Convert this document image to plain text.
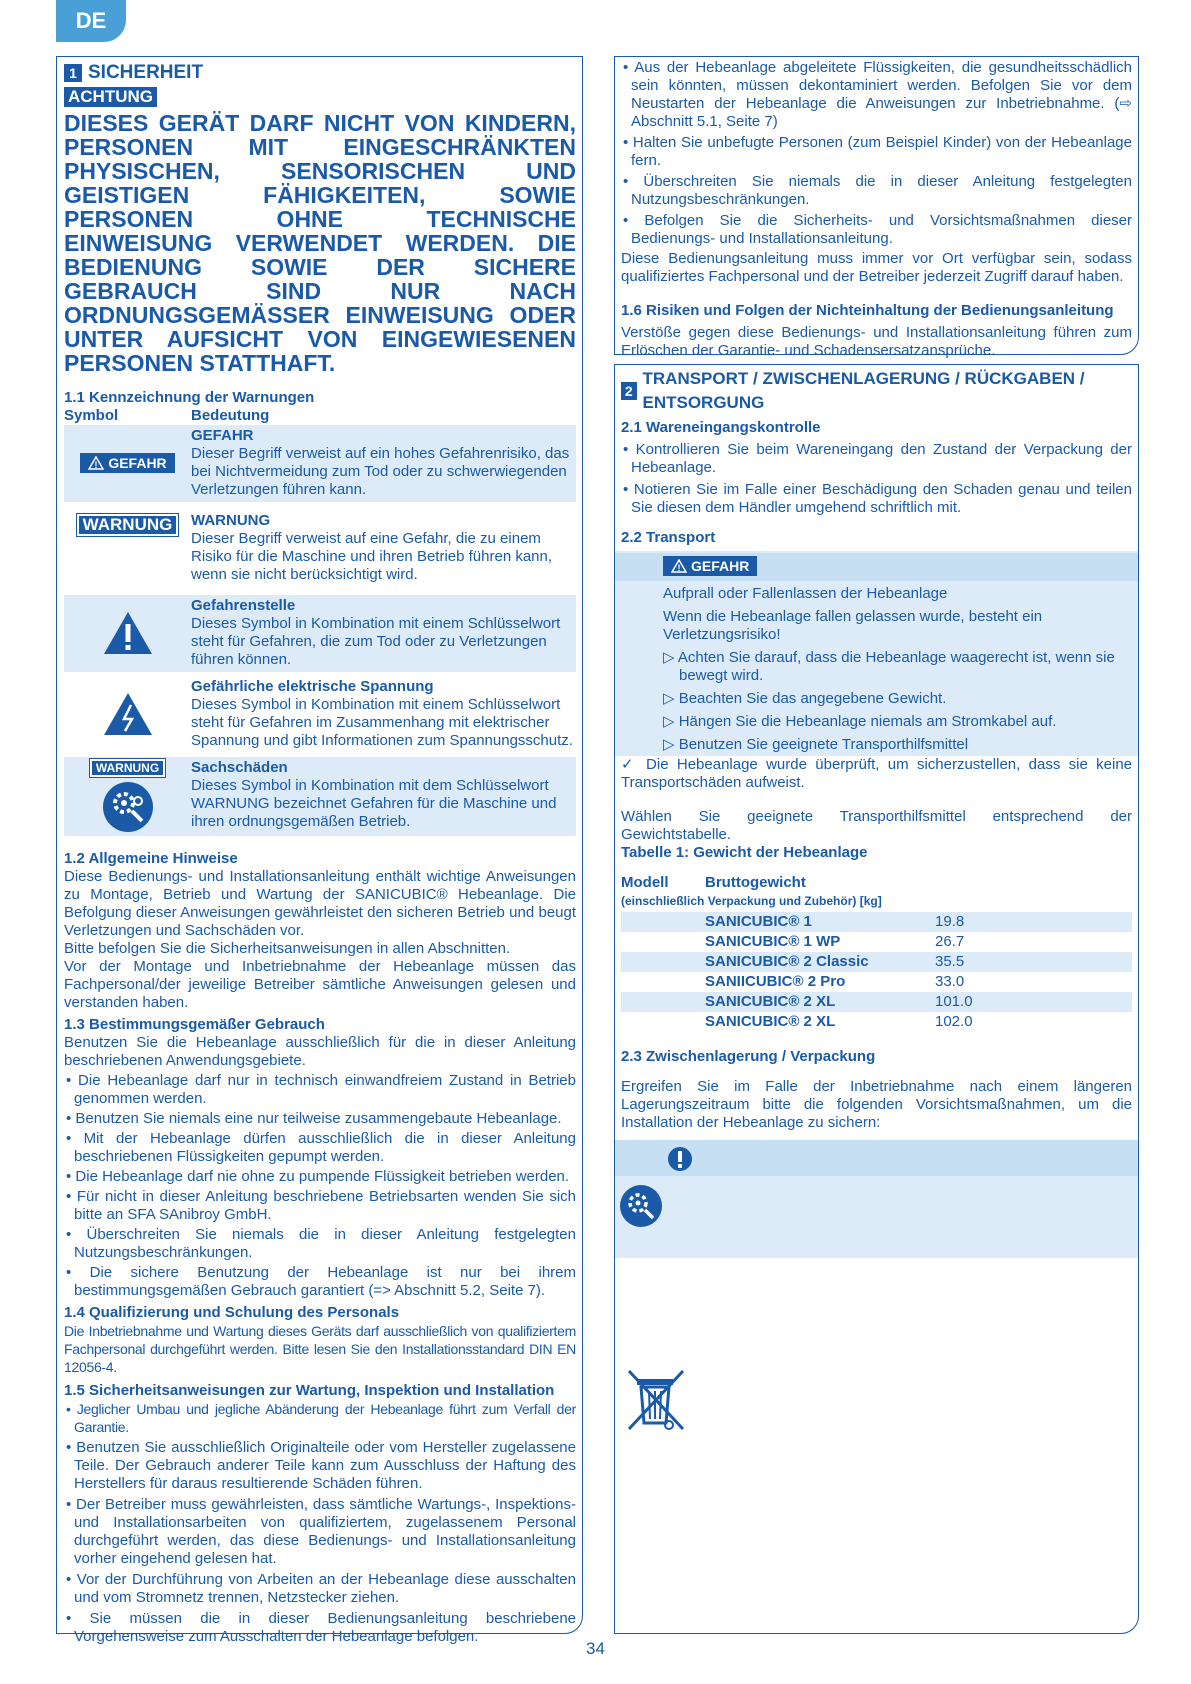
DE
1 SICHERHEIT
ACHTUNG
DIESES GERÄT DARF NICHT VON KINDERN, PERSONEN MIT EINGESCHRÄNKTEN PHYSISCHEN, SENSORISCHEN UND GEISTIGEN FÄHIGKEITEN, SOWIE PERSONEN OHNE TECHNISCHE EINWEISUNG VERWENDET WERDEN. DIE BEDIENUNG SOWIE DER SICHERE GEBRAUCH SIND NUR NACH ORDNUNGSGEMÄSSER EINWEISUNG ODER UNTER AUFSICHT VON EINGEWIESENEN PERSONEN STATTHAFT.
1.1 Kennzeichnung der Warnungen
Symbol	Bedeutung
! GEFAHR
GEFAHR
Dieser Begriff verweist auf ein hohes Gefahrenrisiko, das bei Nichtvermeidung zum Tod oder zu schwerwiegenden Verletzungen führen kann.
WARNUNG	WARNUNG
Dieser Begriff verweist auf eine Gefahr, die zu einem Risiko für die Maschine und ihren Betrieb führen kann, wenn sie nicht berücksichtigt wird.
Gefahrenstelle
Dieses Symbol in Kombination mit einem Schlüsselwort steht für Gefahren, die zum Tod oder zu Verletzungen führen können.
Gefährliche elektrische Spannung
Dieses Symbol in Kombination mit einem Schlüsselwort steht für Gefahren im Zusammenhang mit elektrischer Spannung und gibt Informationen zum Spannungsschutz.
WARNUNG	Sachschäden
Dieses Symbol in Kombination mit dem Schlüsselwort WARNUNG bezeichnet Gefahren für die Maschine und ihren ordnungsgemäßen Betrieb.
1.2 Allgemeine Hinweise

Diese Bedienungs- und Installationsanleitung enthält wichtige Anweisungen zu Montage, Betrieb und Wartung der SANICUBIC® Hebeanlage. Die Befolgung dieser Anweisungen gewährleistet den sicheren Betrieb und beugt Verletzungen und Sachschäden vor.

Bitte befolgen Sie die Sicherheitsanweisungen in allen Abschnitten.

Vor der Montage und Inbetriebnahme der Hebeanlage müssen das Fachpersonal/der jeweilige Betreiber sämtliche Anweisungen gelesen und verstanden haben.

1.3 Bestimmungsgemäßer Gebrauch

Benutzen Sie die Hebeanlage ausschließlich für die in dieser Anleitung beschriebenen Anwendungsgebiete.

• Die Hebeanlage darf nur in technisch einwandfreiem Zustand in Betrieb genommen werden.
• Benutzen Sie niemals eine nur teilweise zusammengebaute Hebeanlage.
• Mit der Hebeanlage dürfen ausschließlich die in dieser Anleitung beschriebenen Flüssigkeiten gepumpt werden.
• Die Hebeanlage darf nie ohne zu pumpende Flüssigkeit betrieben werden.
• Für nicht in dieser Anleitung beschriebene Betriebsarten wenden Sie sich bitte an SFA SAnibroy GmbH.
• Überschreiten Sie niemals die in dieser Anleitung festgelegten Nutzungsbeschränkungen.
• Die sichere Benutzung der Hebeanlage ist nur bei ihrem bestimmungsgemäßen Gebrauch garantiert (=> Abschnitt 5.2, Seite 7).
1.4 Qualifizierung und Schulung des Personals

Die Inbetriebnahme und Wartung dieses Geräts darf ausschließlich von qualifiziertem Fachpersonal durchgeführt werden. Bitte lesen Sie den Installationsstandard DIN EN 12056-4.

1.5 Sicherheitsanweisungen zur Wartung, Inspektion und Installation
• Jeglicher Umbau und jegliche Abänderung der Hebeanlage führt zum Verfall der Garantie.
• Benutzen Sie ausschließlich Originalteile oder vom Hersteller zugelassene Teile. Der Gebrauch anderer Teile kann zum Ausschluss der Haftung des Herstellers für daraus resultierende Schäden führen.
• Der Betreiber muss gewährleisten, dass sämtliche Wartungs-, Inspektions- und Installationsarbeiten von qualifiziertem, zugelassenem Personal durchgeführt werden, das diese Bedienungs- und Installationsanleitung vorher eingehend gelesen hat.
• Vor der Durchführung von Arbeiten an der Hebeanlage diese ausschalten und vom Stromnetz trennen, Netzstecker ziehen.
• Sie müssen die in dieser Bedienungsanleitung beschriebene Vorgehensweise zum Ausschalten der Hebeanlage befolgen.
• Aus der Hebeanlage abgeleitete Flüssigkeiten, die gesundheitsschädlich sein könnten, müssen dekontaminiert werden. Befolgen Sie vor dem Neustarten der Hebeanlage die Anweisungen zur Inbetriebnahme. (⇨ Abschnitt 5.1, Seite 7)
• Halten Sie unbefugte Personen (zum Beispiel Kinder) von der Hebeanlage fern.
• Überschreiten Sie niemals die in dieser Anleitung festgelegten Nutzungsbeschränkungen.
• Befolgen Sie die Sicherheits- und Vorsichtsmaßnahmen dieser Bedienungs- und Installationsanleitung.

Diese Bedienungsanleitung muss immer vor Ort verfügbar sein, sodass qualifiziertes Fachpersonal und der Betreiber jederzeit Zugriff darauf haben.

1.6 Risiken und Folgen der Nichteinhaltung der Bedienungsanleitung

Verstöße gegen diese Bedienungs- und Installationsanleitung führen zum Erlöschen der Garantie- und Schadensersatzansprüche.

2
TRANSPORT / ZWISCHENLAGERUNG / RÜCKGABEN / ENTSORGUNG
2.1 Wareneingangskontrolle
• Kontrollieren Sie beim Wareneingang den Zustand der Verpackung der Hebeanlage.
• Notieren Sie im Falle einer Beschädigung den Schaden genau und teilen Sie diesen dem Händler umgehend schriftlich mit.
2.2 Transport
! GEFAHR
Aufprall oder Fallenlassen der Hebeanlage
Wenn die Hebeanlage fallen gelassen wurde, besteht ein Verletzungsrisiko!
▷ Achten Sie darauf, dass die Hebeanlage waagerecht ist, wenn sie bewegt wird.
▷ Beachten Sie das angegebene Gewicht.
▷ Hängen Sie die Hebeanlage niemals am Stromkabel auf.
▷ Benutzen Sie geeignete Transporthilfsmittel

✓ Die Hebeanlage wurde überprüft, um sicherzustellen, dass sie keine Transportschäden aufweist.

Wählen Sie geeignete Transporthilfsmittel entsprechend der Gewichtstabelle.

Tabelle 1: Gewicht der Hebeanlage
Modell	Bruttogewicht
(einschließlich Verpackung und Zubehör) [kg]
	SANICUBIC® 1	19.8
	SANICUBIC® 1 WP	26.7
	SANICUBIC® 2 Classic	35.5
	SANIICUBIC® 2 Pro	33.0
	SANICUBIC® 2 XL	101.0
	SANICUBIC® 2 XL	102.0
2.3 Zwischenlagerung / Verpackung

Ergreifen Sie im Falle der Inbetriebnahme nach einem längeren Lagerungszeitraum bitte die folgenden Vorsichtsmaßnahmen, um die Installation der Hebeanlage zu sichern:

34
